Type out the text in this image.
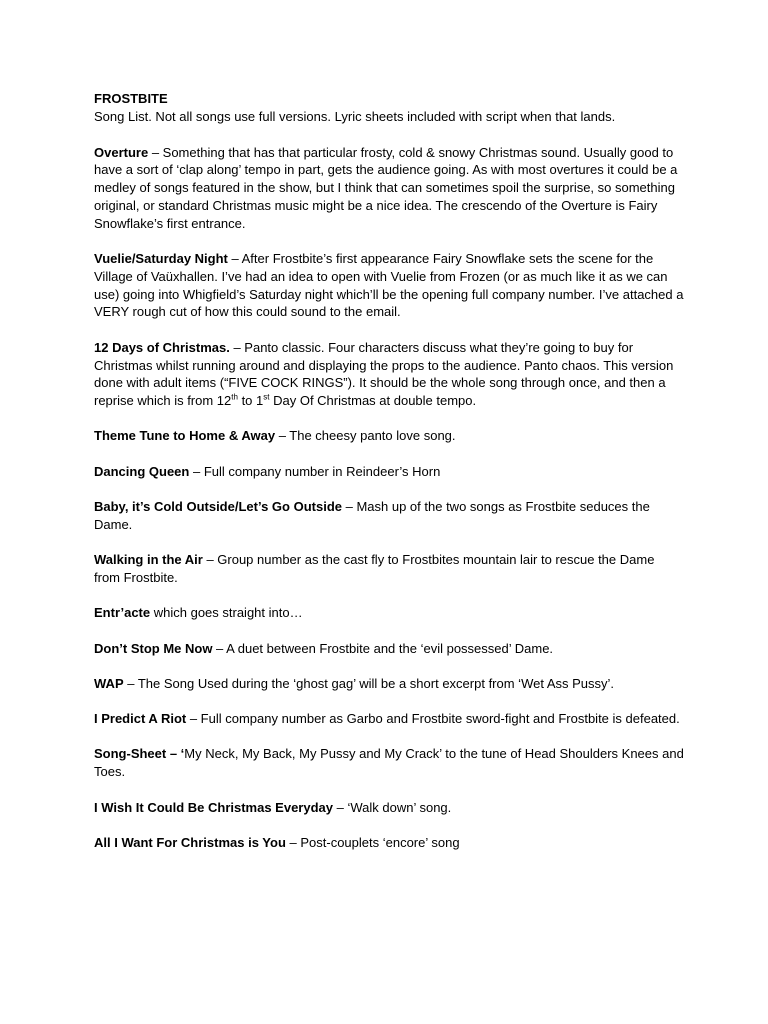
FROSTBITE

Song List. Not all songs use full versions. Lyric sheets included with script when that lands.

Overture – Something that has that particular frosty, cold & snowy Christmas sound. Usually good to have a sort of ‘clap along’ tempo in part, gets the audience going. As with most overtures it could be a medley of songs featured in the show, but I think that can sometimes spoil the surprise, so something original, or standard Christmas music might be a nice idea. The crescendo of the Overture is Fairy Snowflake’s first entrance.

Vuelie/Saturday Night – After Frostbite’s first appearance Fairy Snowflake sets the scene for the Village of Vaüxhallen. I’ve had an idea to open with Vuelie from Frozen (or as much like it as we can use) going into Whigfield’s Saturday night which’ll be the opening full company number. I’ve attached a VERY rough cut of how this could sound to the email.

12 Days of Christmas. – Panto classic. Four characters discuss what they’re going to buy for Christmas whilst running around and displaying the props to the audience. Panto chaos. This version done with adult items (“FIVE COCK RINGS”). It should be the whole song through once, and then a reprise which is from 12th to 1st Day Of Christmas at double tempo.

Theme Tune to Home & Away – The cheesy panto love song.

Dancing Queen – Full company number in Reindeer’s Horn

Baby, it’s Cold Outside/Let’s Go Outside – Mash up of the two songs as Frostbite seduces the Dame.

Walking in the Air – Group number as the cast fly to Frostbites mountain lair to rescue the Dame from Frostbite.

Entr’acte which goes straight into…

Don’t Stop Me Now – A duet between Frostbite and the ‘evil possessed’ Dame.

WAP – The Song Used during the ‘ghost gag’ will be a short excerpt from ‘Wet Ass Pussy’.

I Predict A Riot – Full company number as Garbo and Frostbite sword-fight and Frostbite is defeated.

Song-Sheet – ‘My Neck, My Back, My Pussy and My Crack’ to the tune of Head Shoulders Knees and Toes.

I Wish It Could Be Christmas Everyday – ‘Walk down’ song.

All I Want For Christmas is You – Post-couplets ‘encore’ song
